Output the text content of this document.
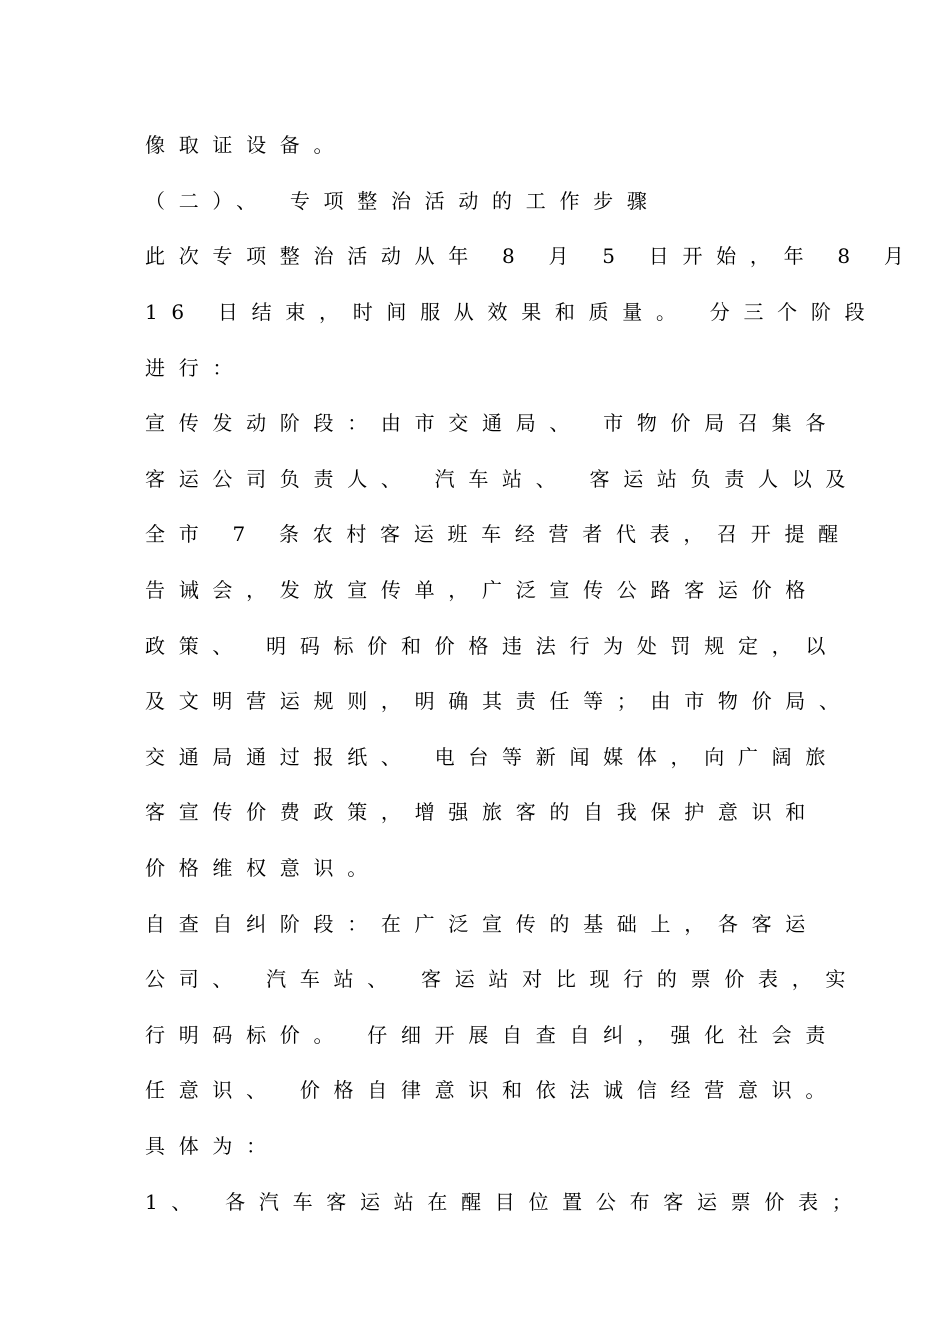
像取证设备。
（二）、 专项整治活动的工作步骤
此次专项整治活动从年 8 月 5 日开始，年 8 月
16 日结束，时间服从效果和质量。 分三个阶段
进行：
宣传发动阶段：由市交通局、 市物价局召集各
客运公司负责人、 汽车站、 客运站负责人以及
全市 7 条农村客运班车经营者代表，召开提醒
告诫会，发放宣传单，广泛宣传公路客运价格
政策、 明码标价和价格违法行为处罚规定，以
及文明营运规则，明确其责任等；由市物价局、
交通局通过报纸、 电台等新闻媒体，向广阔旅
客宣传价费政策，增强旅客的自我保护意识和
价格维权意识。
自查自纠阶段：在广泛宣传的基础上，各客运
公司、 汽车站、 客运站对比现行的票价表，实
行明码标价。 仔细开展自查自纠，强化社会责
任意识、 价格自律意识和依法诚信经营意识。
具体为：
1、 各汽车客运站在醒目位置公布客运票价表；
